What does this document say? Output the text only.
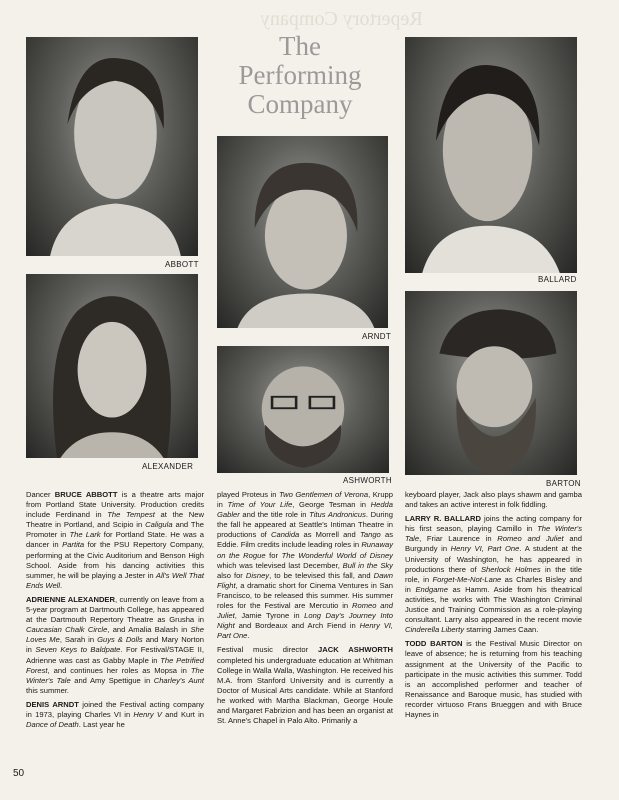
Repertory Company
The
Performing
Company
ABBOTT
BALLARD
ARNDT
ALEXANDER
ASHWORTH	BARTON

Dancer BRUCE ABBOTT is a theatre arts major from Portland State University. Production credits include Ferdinand in The Tempest at the New Theatre in Portland, and Scipio in Caligula and The Promoter in The Lark for Portland State. He was a dancer in Partita for the PSU Repertory Company, performing at the Civic Auditorium and Benson High School. Aside from his dancing activities this summer, he will be playing a Jester in All's Well That Ends Well.

ADRIENNE ALEXANDER, currently on leave from a 5-year program at Dartmouth College, has appeared at the Dartmouth Repertory Theatre as Grusha in Caucasian Chalk Circle, and Amalia Balash in She Loves Me, Sarah in Guys & Dolls and Mary Norton in Seven Keys to Baldpate. For Festival/STAGE II, Adrienne was cast as Gabby Maple in The Petrified Forest, and continues her roles as Mopsa in The Winter's Tale and Amy Spettigue in Charley's Aunt this summer.

DENIS ARNDT joined the Festival acting company in 1973, playing Charles VI in Henry V and Kurt in Dance of Death. Last year he

played Proteus in Two Gentlemen of Verona, Krupp in Time of Your Life, George Tesman in Hedda Gabler and the title role in Titus Andronicus. During the fall he appeared at Seattle's Intiman Theatre in productions of Candida as Morrell and Tango as Eddie. Film credits include leading roles in Runaway on the Rogue for The Wonderful World of Disney which was televised last December, Bull in the Sky also for Disney, to be televised this fall, and Dawn Flight, a dramatic short for Cinema Ventures in San Francisco, to be released this summer. His summer roles for the Festival are Mercutio in Romeo and Juliet, Jamie Tyrone in Long Day's Journey Into Night and Bordeaux and Arch Fiend in Henry VI, Part One.

Festival music director JACK ASHWORTH completed his undergraduate education at Whitman College in Walla Walla, Washington. He received his M.A. from Stanford University and is currently a Doctor of Musical Arts candidate. While at Stanford he worked with Martha Blackman, George Houle and Margaret Fabrizion and has been an organist at St. Anne's Chapel in Palo Alto. Primarily a

keyboard player, Jack also plays shawm and gamba and takes an active interest in folk fiddling.

LARRY R. BALLARD joins the acting company for his first season, playing Camillo in The Winter's Tale, Friar Laurence in Romeo and Juliet and Burgundy in Henry VI, Part One. A student at the University of Washington, he has appeared in productions there of Sherlock Holmes in the title role, in Forget-Me-Not-Lane as Charles Bisley and in Endgame as Hamm. Aside from his theatrical activities, he works with The Washington Criminal Justice and Training Commission as a role-playing consultant. Larry also appeared in the recent movie Cinderella Liberty starring James Caan.

TODD BARTON is the Festival Music Director on leave of absence; he is returning from his teaching assignment at the University of the Pacific to participate in the music activities this summer. Todd is an accomplished performer and teacher of Renaissance and Baroque music, has studied with recorder virtuoso Frans Brueggen and with Bruce Haynes in

50
